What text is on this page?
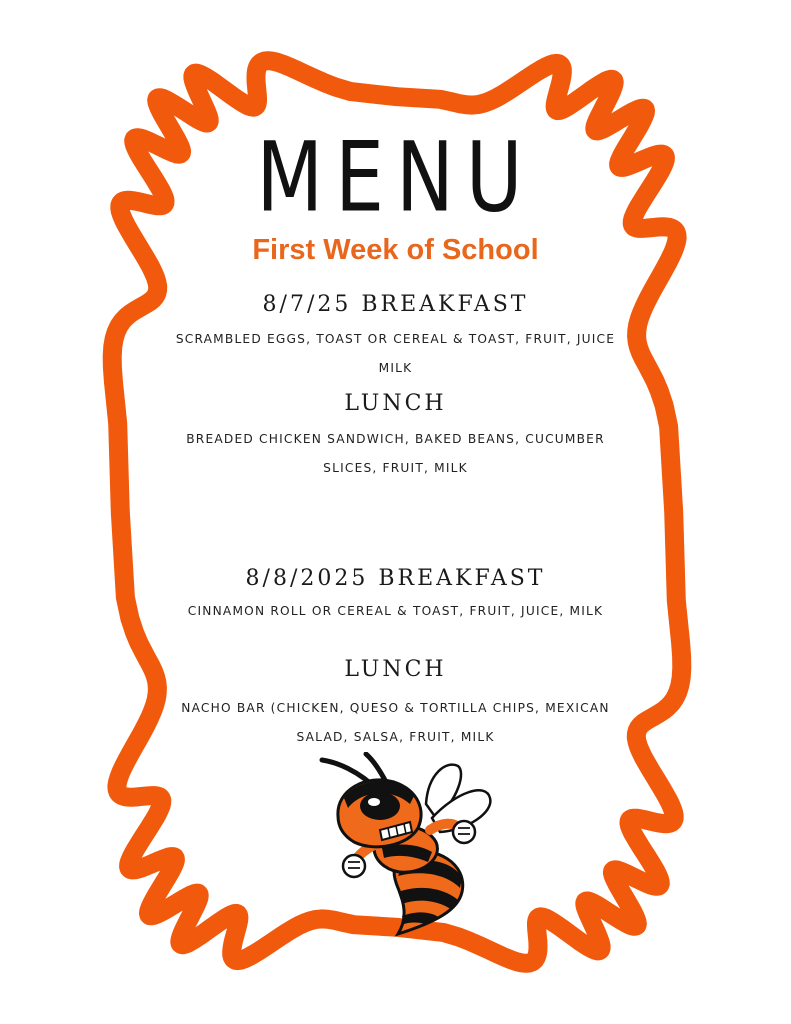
MENU
First Week of School
8/7/25 BREAKFAST
SCRAMBLED EGGS, TOAST OR CEREAL & TOAST, FRUIT, JUICE
MILK
LUNCH
BREADED CHICKEN SANDWICH, BAKED BEANS, CUCUMBER
SLICES, FRUIT, MILK
8/8/2025 BREAKFAST
CINNAMON ROLL OR CEREAL & TOAST, FRUIT, JUICE, MILK
LUNCH
NACHO BAR (CHICKEN, QUESO & TORTILLA CHIPS, MEXICAN
SALAD, SALSA, FRUIT, MILK
